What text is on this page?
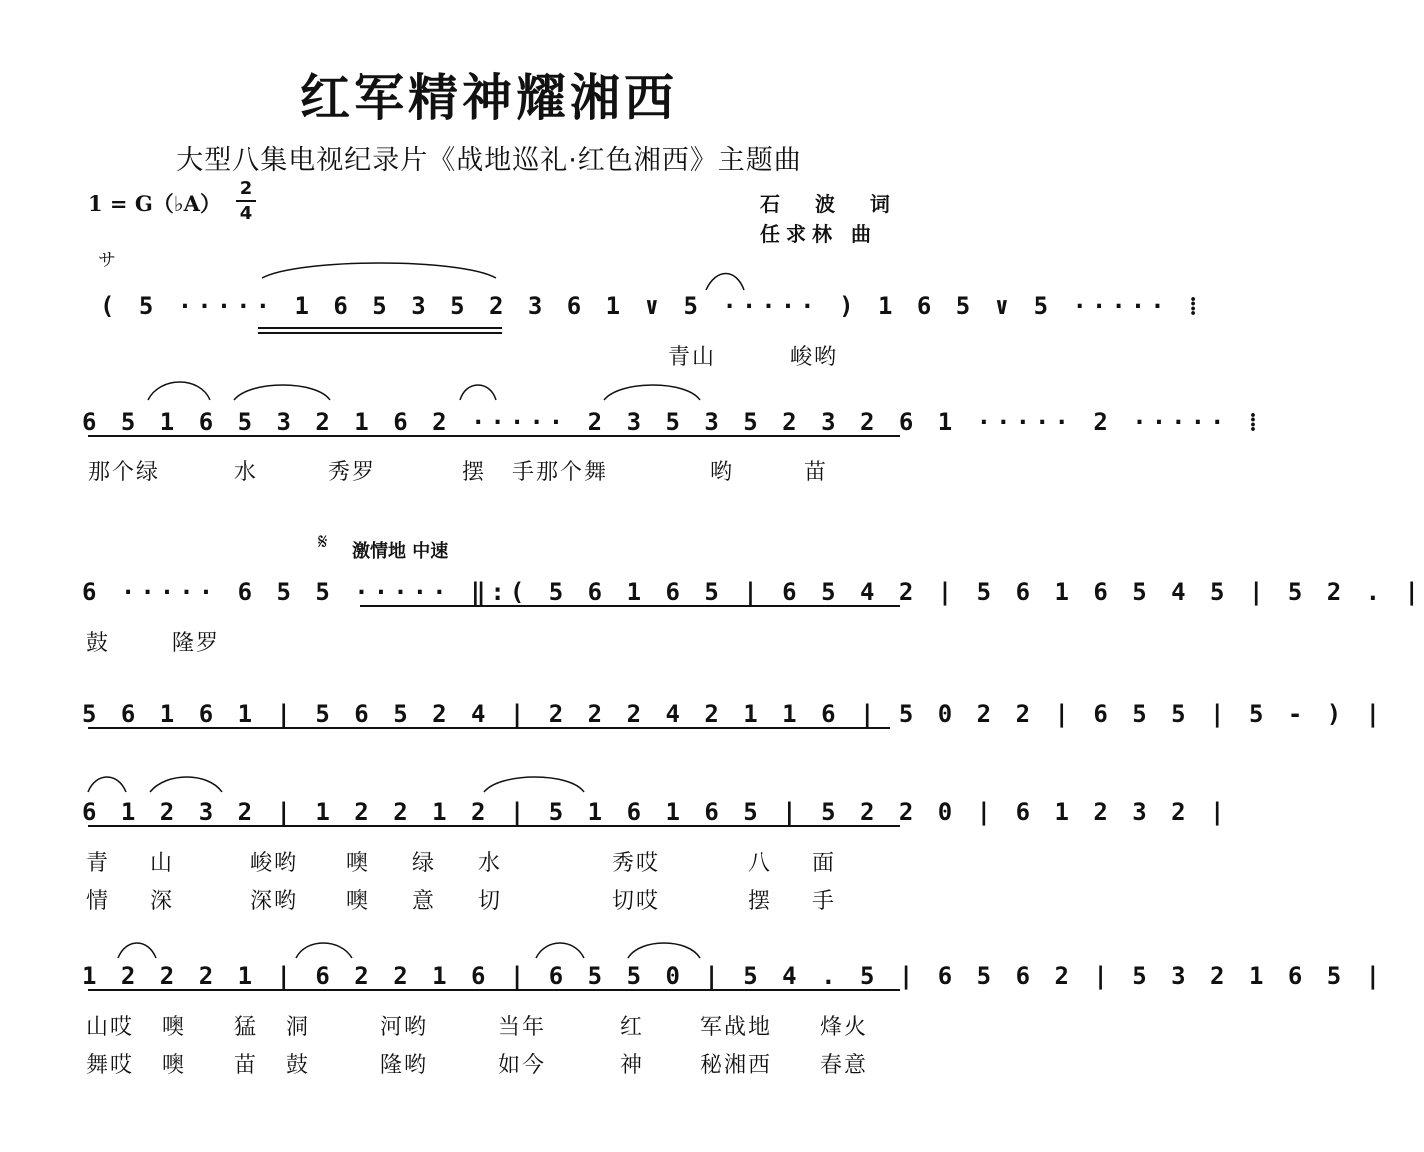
红军精神耀湘西
大型八集电视纪录片《战地巡礼·红色湘西》主题曲
1 = G（♭A）
2
4	石 波 词
任求林 曲
サ
( 5 ····· 1 6 5 3 5 2 3 6 1 ∨ 5 ····· ) 1 6 5 ∨ 5 ····· ⁞
青山	峻哟
6 5 1 6 5 3 2 1 6 2 ····· 2 3 5 3 5 2 3 2 6 1 ····· 2 ····· ⁞
那个绿	水	秀罗	摆 手那个舞	哟	苗
𝄋 激情地 中速
6 ····· 6 5 5 ····· ‖:( 5 6 1 6 5 | 6 5 4 2 | 5 6 1 6 5 4 5 | 5 2 . |
鼓	隆罗
5 6 1 6 1 | 5 6 5 2 4 | 2 2 2 4 2 1 1 6 | 5 0 2 2 | 6 5 5 | 5 - ) |
6 1 2 3 2 | 1 2 2 1 2 | 5 1 6 1 6 5 | 5 2 2 0 | 6 1 2 3 2 |
青 山	峻哟 噢 绿 水	秀哎	八 面
情 深	深哟 噢 意 切	切哎	摆 手
1 2 2 2 1 | 6 2 2 1 6 | 6 5 5 0 | 5 4 . 5 | 6 5 6 2 | 5 3 2 1 6 5 |
山哎 噢 猛 洞	河哟	当年	红	军战地 烽火
舞哎 噢 苗 鼓	隆哟	如今	神	秘湘西 春意
